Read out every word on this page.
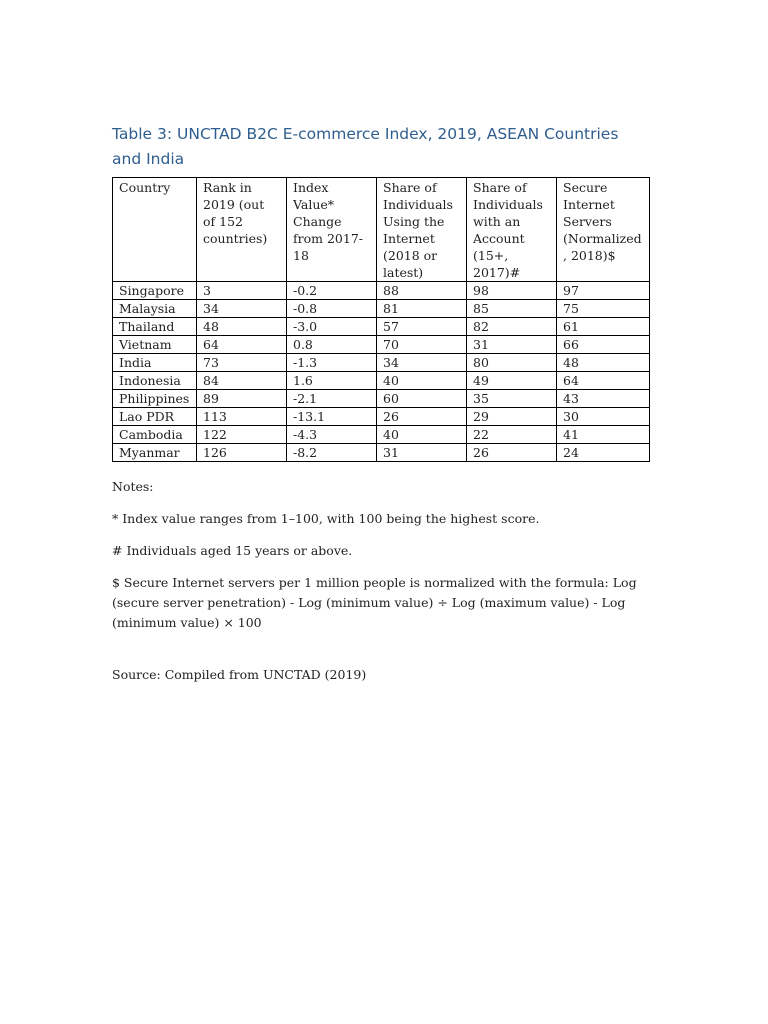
Table 3: UNCTAD B2C E-commerce Index, 2019, ASEAN Countries and India
Country	Rank in 2019 (out of 152 countries)	Index Value* Change from 2017-18	Share of Individuals Using the Internet (2018 or latest)	Share of Individuals with an Account (15+, 2017)#	Secure Internet Servers (Normalized , 2018)$
Singapore	3	-0.2	88	98	97
Malaysia	34	-0.8	81	85	75
Thailand	48	-3.0	57	82	61
Vietnam	64	0.8	70	31	66
India	73	-1.3	34	80	48
Indonesia	84	1.6	40	49	64
Philippines	89	-2.1	60	35	43
Lao PDR	113	-13.1	26	29	30
Cambodia	122	-4.3	40	22	41
Myanmar	126	-8.2	31	26	24

Notes:

* Index value ranges from 1–100, with 100 being the highest score.

# Individuals aged 15 years or above.

$ Secure Internet servers per 1 million people is normalized with the formula: Log (secure server penetration) - Log (minimum value) ÷ Log (maximum value) - Log (minimum value) × 100

Source: Compiled from UNCTAD (2019)
